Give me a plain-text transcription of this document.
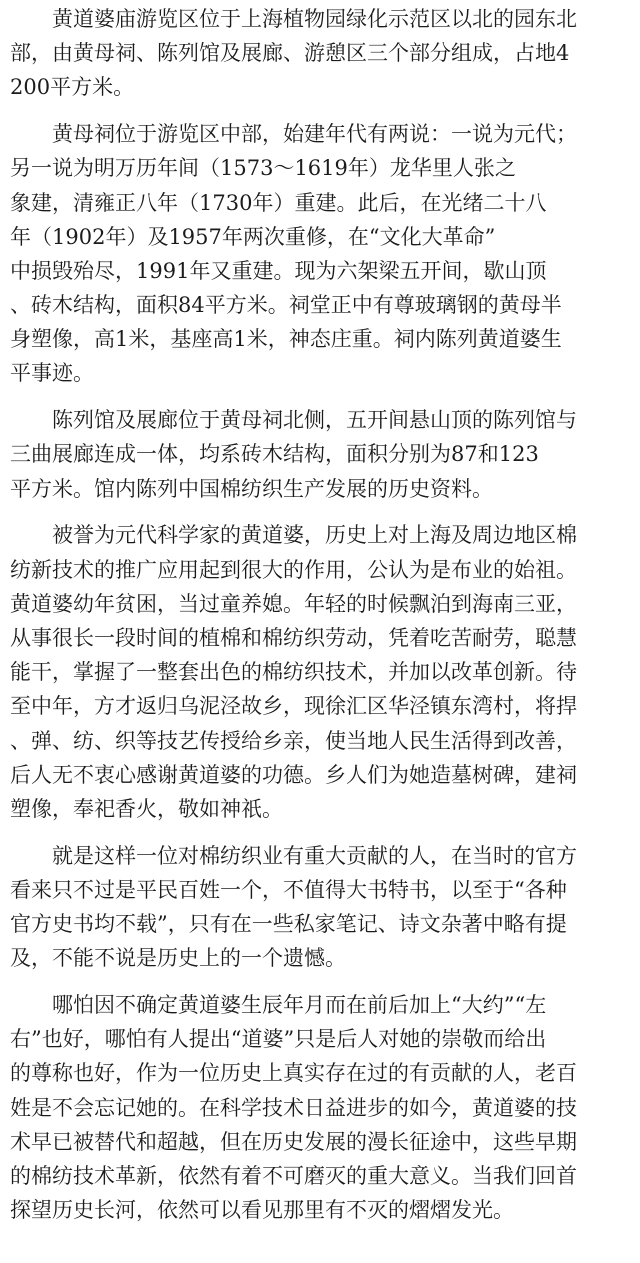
　　黄道婆庙游览区位于上海植物园绿化示范区以北的园东北
部，由黄母祠、陈列馆及展廊、游憩区三个部分组成，占地4
200平方米。

　　黄母祠位于游览区中部，始建年代有两说：一说为元代；
另一说为明万历年间（1573～1619年）龙华里人张之
象建，清雍正八年（1730年）重建。此后，在光绪二十八
年（1902年）及1957年两次重修，在“文化大革命”
中损毁殆尽，1991年又重建。现为六架梁五开间，歇山顶
、砖木结构，面积84平方米。祠堂正中有尊玻璃钢的黄母半
身塑像，高1米，基座高1米，神态庄重。祠内陈列黄道婆生
平事迹。

　　陈列馆及展廊位于黄母祠北侧，五开间悬山顶的陈列馆与
三曲展廊连成一体，均系砖木结构，面积分别为87和123
平方米。馆内陈列中国棉纺织生产发展的历史资料。

　　被誉为元代科学家的黄道婆，历史上对上海及周边地区棉
纺新技术的推广应用起到很大的作用，公认为是布业的始祖。
黄道婆幼年贫困，当过童养媳。年轻的时候飘泊到海南三亚，
从事很长一段时间的植棉和棉纺织劳动，凭着吃苦耐劳，聪慧
能干，掌握了一整套出色的棉纺织技术，并加以改革创新。待
至中年，方才返归乌泥泾故乡，现徐汇区华泾镇东湾村，将捍
、弹、纺、织等技艺传授给乡亲，使当地人民生活得到改善，
后人无不衷心感谢黄道婆的功德。乡人们为她造墓树碑，建祠
塑像，奉祀香火，敬如神祇。

　　就是这样一位对棉纺织业有重大贡献的人，在当时的官方
看来只不过是平民百姓一个，不值得大书特书，以至于“各种
官方史书均不载”，只有在一些私家笔记、诗文杂著中略有提
及，不能不说是历史上的一个遗憾。

　　哪怕因不确定黄道婆生辰年月而在前后加上“大约”“左
右”也好，哪怕有人提出“道婆”只是后人对她的崇敬而给出
的尊称也好，作为一位历史上真实存在过的有贡献的人，老百
姓是不会忘记她的。在科学技术日益进步的如今，黄道婆的技
术早已被替代和超越，但在历史发展的漫长征途中，这些早期
的棉纺技术革新，依然有着不可磨灭的重大意义。当我们回首
探望历史长河，依然可以看见那里有不灭的熠熠发光。
